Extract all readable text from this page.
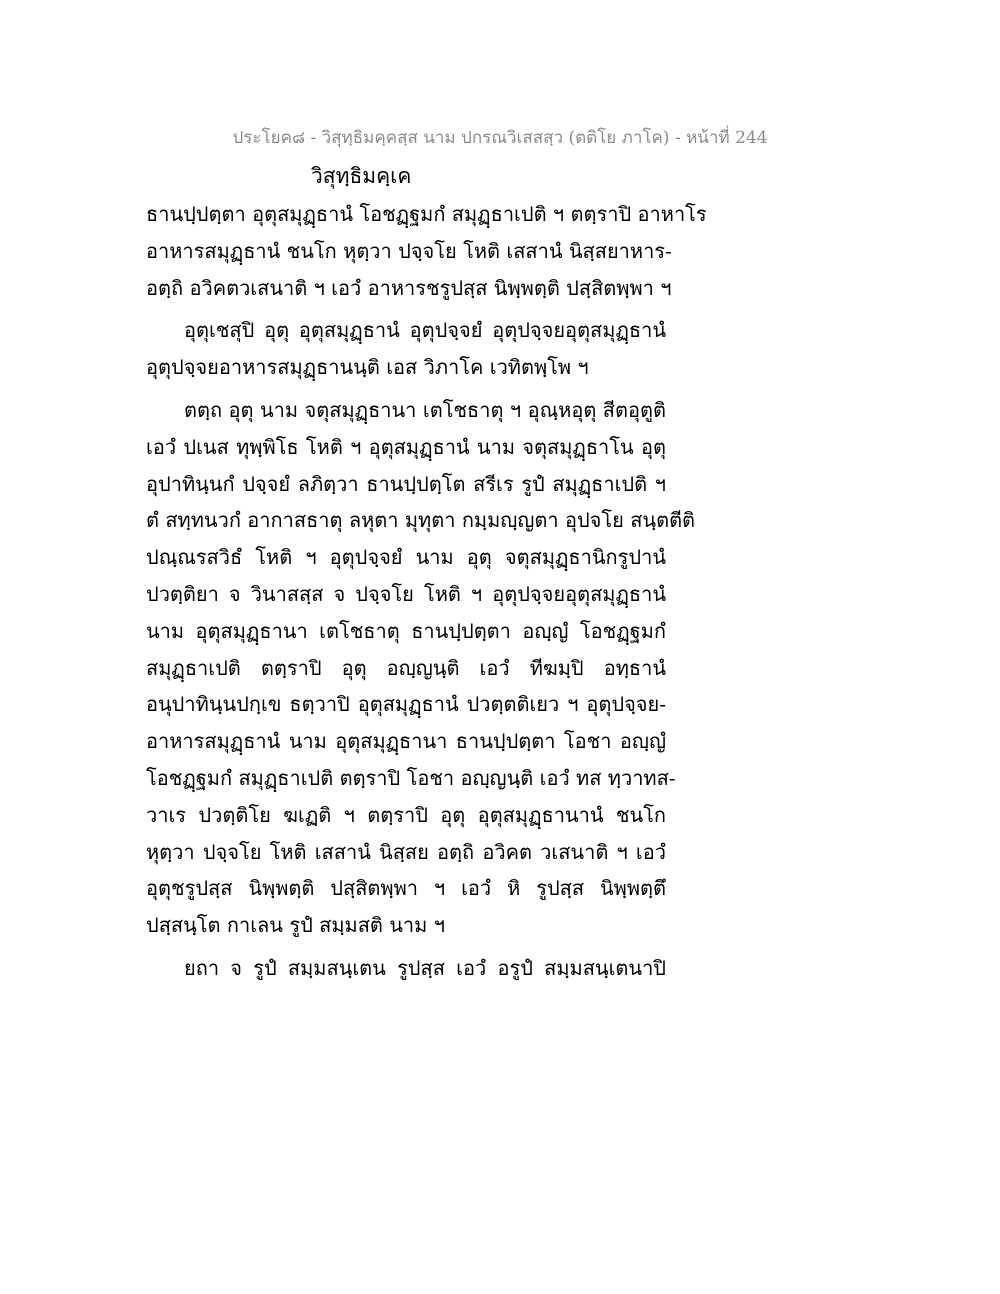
ประโยค๘ - วิสุทฺธิมคฺคสฺส นาม ปกรณวิเสสสฺว (ตติโย ภาโค) - หน้าที่ 244
วิสุทฺธิมคฺเค
ธานปฺปตฺตา อุตุสมุฏฺธานํ โอชฏฺฐมกํ สมุฏฺธาเปติ ฯ ตตฺราปิ อาหาโร
อาหารสมุฏฺธานํ ชนโก หุตฺวา ปจฺจโย โหติ เสสานํ นิสฺสยาหาร-
อตฺถิ อวิคตวเสนาติ ฯ เอวํ อาหารชรูปสฺส นิพฺพตฺติ ปสฺสิตพฺพา ฯ
อุตุเชสุปิ อุตุ อุตุสมุฏฺธานํ อุตุปจฺจยํ อุตุปจฺจยอุตุสมุฏฺธานํ
อุตุปจฺจยอาหารสมุฏฺธานนฺติ เอส วิภาโค เวทิตพฺโพ ฯ
ตตฺถ อุตุ นาม จตุสมุฏฺธานา เตโชธาตุ ฯ อุณฺหอุตุ สีตอุตูติ
เอวํ ปเนส ทุพฺพิโธ โหติ ฯ อุตุสมุฏฺธานํ นาม จตุสมุฏฺธาโน อุตุ
อุปาทินฺนกํ ปจฺจยํ ลภิตฺวา ธานปฺปตฺโต สรีเร รูปํ สมุฏฺธาเปติ ฯ
ตํ สทฺทนวกํ อากาสธาตุ ลหุตา มุทุตา กมฺมญฺญตา อุปจโย สนฺตตีติ
ปณฺณรสวิธํ โหติ ฯ อุตุปจฺจยํ นาม อุตุ จตุสมุฏฺธานิกรูปานํ
ปวตฺติยา จ วินาสสฺส จ ปจฺจโย โหติ ฯ อุตุปจฺจยอุตุสมุฏฺธานํ
นาม อุตุสมุฏฺธานา เตโชธาตุ ธานปฺปตฺตา อญฺญํ โอชฏฺฐมกํ
สมุฏฺธาเปติ ตตฺราปิ อุตุ อญฺญนฺติ เอวํ ทีฆมฺปิ อทฺธานํ
อนุปาทินฺนปกฺเข ธตฺวาปิ อุตุสมุฏฺธานํ ปวตฺตติเยว ฯ อุตุปจฺจย-
อาหารสมุฏฺธานํ นาม อุตุสมุฏฺธานา ธานปฺปตฺตา โอชา อญฺญํ
โอชฏฺฐมกํ สมุฏฺธาเปติ ตตฺราปิ โอชา อญฺญนฺติ เอวํ ทส ทฺวาทส-
วาเร ปวตฺติโย ฆเฏติ ฯ ตตฺราปิ อุตุ อุตุสมุฏฺธานานํ ชนโก
หุตฺวา ปจฺจโย โหติ เสสานํ นิสฺสย อตฺถิ อวิคต วเสนาติ ฯ เอวํ
อุตุชรูปสฺส นิพฺพตฺติ ปสฺสิตพฺพา ฯ เอวํ หิ รูปสฺส นิพฺพตฺตึ
ปสฺสนฺโต กาเลน รูปํ สมฺมสติ นาม ฯ
ยถา จ รูปํ สมฺมสนฺเตน รูปสฺส เอวํ อรูปํ สมฺมสนฺเตนาปิ
